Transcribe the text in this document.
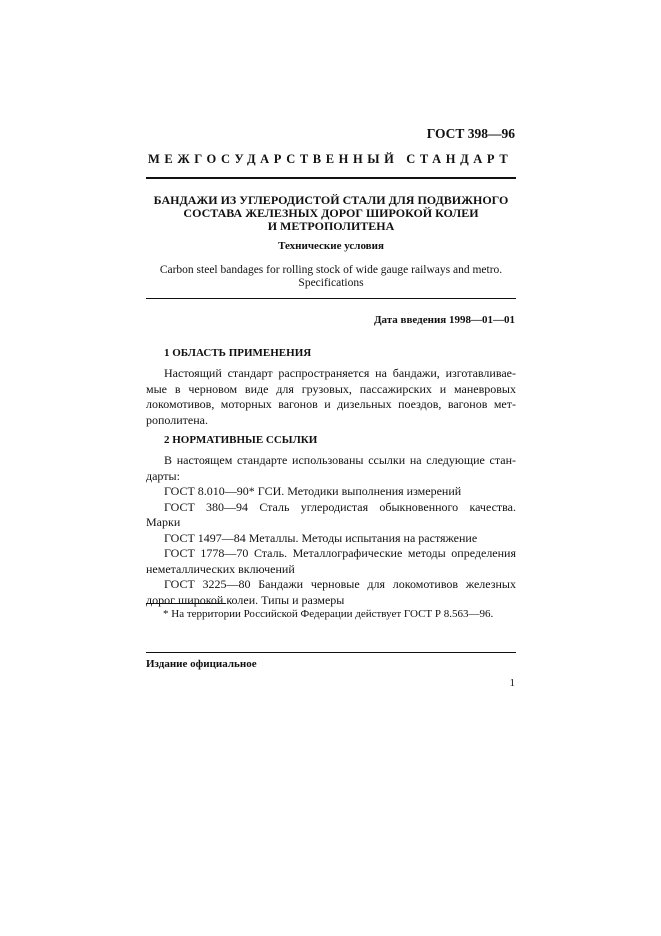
ГОСТ 398—96
МЕЖГОСУДАРСТВЕННЫЙ СТАНДАРТ
БАНДАЖИ ИЗ УГЛЕРОДИСТОЙ СТАЛИ ДЛЯ ПОДВИЖНОГО
СОСТАВА ЖЕЛЕЗНЫХ ДОРОГ ШИРОКОЙ КОЛЕИ
И МЕТРОПОЛИТЕНА
Технические условия
Carbon steel bandages for rolling stock of wide gauge railways and metro.
Specifications
Дата введения 1998—01—01
1 ОБЛАСТЬ ПРИМЕНЕНИЯ
Настоящий стандарт распространяется на бандажи, изготавливае-
мые в черновом виде для грузовых, пассажирских и маневровых
локомотивов, моторных вагонов и дизельных поездов, вагонов мет-
рополитена.
2 НОРМАТИВНЫЕ ССЫЛКИ
В настоящем стандарте использованы ссылки на следующие стан-
дарты:
ГОСТ 8.010—90* ГСИ. Методики выполнения измерений
ГОСТ 380—94 Сталь углеродистая обыкновенного качества.
Марки
ГОСТ 1497—84 Металлы. Методы испытания на растяжение
ГОСТ 1778—70 Сталь. Металлографические методы определения
неметаллических включений
ГОСТ 3225—80 Бандажи черновые для локомотивов железных
дорог широкой колеи. Типы и размеры
* На территории Российской Федерации действует ГОСТ Р 8.563—96.
Издание официальное
1
